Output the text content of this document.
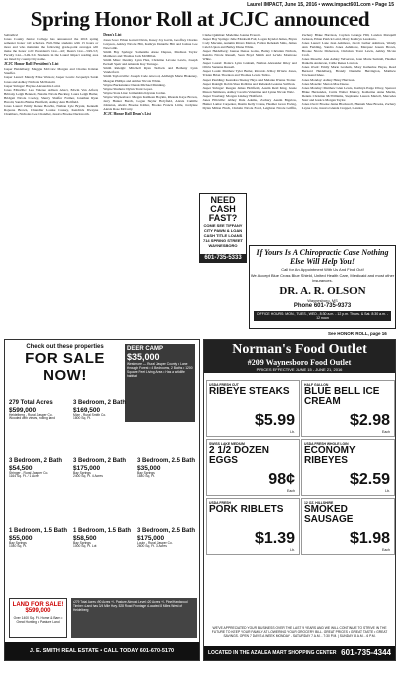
Laurel IMPACT, June 15, 2016 • www.impact601.com • Page 15
Spring Honor Roll at JCJC announced

Submitted

Jones County Junior College has announced the 2016 spring semester honor roll scholars. Full-Time students with 15 hours or more and who maintain the following grade-point averages will make the honor roll: President's List—4.0; Dean's List—3.99-3.5; Faculty List—3.49-3.0. Students in the Laurel Impact reading area are listed by county/city name.

JCJC Honor Roll President's List

Jasper Heidelberg: Maggie McCraw Morgan and Charles Kristan Stauffer.

Jasper Laurel: Mandy Elise Watson; Jasper Louin: Jacquelyn Sarah Jones and Ashley Nichole McDonald.

Jasper Stringer: Haylee Alexandria Laird.

Jones Ellisville: Lea Valeree Adlaon Abaci, Edwin Van Alford, Brittany Leigh Bennett, Natalie Nicole Buckley, Laura Leigh Butler, Bridgett Nicole Cooley, Sherry Shaffer Farmer, Jonathan Ryan Harold, Sandra Blaine Hartfield, Ashley Ann Holifield.

Jones Laurel: Emily Renae Bowlin, Nathan Lyle Bryant, Kenneth Rojeone Brown, Chandler Louise Causey, Kendrick Dwayne Chambers, Nicholas Lee Chandler, Jessica Brooke Duckworth.

Dean's List

Jones Soso: Ethan Garrett Davis, Kasey Joy Gavin, Geoffrey Charles Grayson, Ashley Nicole Hitt, Kathryn Danielle Hitt and Joshua Lee Newcomb.

Smith Bay Springs: Samantha Alese Dupree, Madison Taylor Matthews and Thomas Jack McMillan.

Smith Mize: Destiny Lynn Hux, Christina Lavone Lewis, Joseph Peckell Speir and Amanda Kay Turnage.

Smith Raleigh: Mitchell Ryan Tadlock and Bethany Lynn Vanderford.

Smith Taylorsville: Joseph Cade Atwood, Addleigh Marie Blakeney, Meagan Phillips and Amber Nicole White.

Wayne Buckatunna: Derek Michael Manning.

Wayne Shubuta: Dylan Trent Lopez.

Wayne State Line: Jermeishia Kiyante Jordan.

Wayne Waynesboro: Megan Kathleen Boykin, Rhonda Kaye Brown, Jerry Hunter Burch, Logan Skylar Holyfield, Alexis Camille Johnston, Alexis Brooke Kittler, Brooks Francis Little, Jordynne Alexis Rose McCarty.

JCJC Honor Roll Dean's List

Clarke Quitman: Madeline Joanna Everett.

Jasper Bay Springs: Julie Elizabeth Fail, Logan Kyndal James, Bryan Cody Macunn, Autumn Rivers Mattox, Fallon Rebekah Sims, James Caleb Upton and Bailey Diane White.

Jasper Heidelberg: Jaunae Denae Goins, Bailey Christian Nichols, Kendra Nicole Russell, Sean Boyd Smith and Le'ndo Montrose White.

Jasper Laurel: Donica Lynn Graham, Nathan Alexander Riley and Olivia Suzanne Russell.

Jasper Louin: Matthew Tyler Butler, Ricardo Ja'Roy Di'iario Jones, Tristan Brian Thornton and Thomas Lewis Tullos.

Jasper Paulding: Keandrea Shenay Hays and Melanie D'anne Trotter.

Jasper Raleigh: Robin Shea Robbins and Rebekah LeAnne Sullivan.

Jasper Stringer: Reagan James Holifield, Austin Reid King, Jessie Mason Simmons, Ashley Cecelia Valentine and Lynne Nicole Walz.

Jasper Vossburg: Morgan Lindsey Holifield.

Jones Ellisville: Abbey Dale Adams, Zachary Austin Bigalow, Hunter Lamar Carpenter, Dustin Kelly Crane, Heather Grace Ewing, Dylan Milton Finch, Christin Nicole Ford, Leighton Nicole Griffin, Zachary Blake Harrison, Cayden Grange Hill, Landon Maxquill Jackson, Ethan Patrick Laird, Mary Kathryn Laudonio.

Jones Laurel: Lane Jean Ashmore, Jacob Luther Ashmore, Wendy Ann Fielding, Sandra Jones Ashmore, Marquez Jesean Brown, Brooke Nicole Dickerson, Christian Trent Lewis, Ashley Nicole Craft.

Jones Moselle: Ann Ashley Yelverton, Jean Marie Sumrall, Heather Danielle Anderson, Callie Renee Lawton.

Jones Ovett: Emily Marie Graham, Mary Katherine Hayes, Reed Bernard Heidelberg, Brandy Danielle Herrington, Matthew Townsend Ishee.

Jones Monday: Ashley Haley Harrison.

Jones Moselle: Sharon Mae Deese.

Jones Monday: Matthew Glen Lewis, Kathryn Paige Ullrey, Spencer Blake Hernandez, Curtis Walter Muncy, Katharine Anne Martin, Dennis Christian McWilliams, Stephanie Lauren Martell, Mercedes Starr and Jessica Morgan Taylor.

Jones Ovett: Brooke Jenna Blackwell, Hannah Shae Brooks, Zachary Layne Cole, Jessica Glenda Creppel, Landon

NEED CASH FAST?
COME SEE TIFFANY
CITY PAWN & LOAN CASH TITLE LOANS
714 SPRING STREET WAYNESBORO
601-735-5333
If Yours Is A Chiropractic Case Nothing Else Will Help You!
Call for An Appointment With Us And Find Out!
We Accept Blue Cross Blue Shield, United Health Care, Medicaid and most other insurances.
DR. A. R. OLSON
Waynesboro, MS
Phone 601-735-9373
OFFICE HOURS: MON., TUES., WED., 8:30 a.m. - 12 p.m. Thurs. & Sat. 8:30 a.m. - 12 noon
See HONOR ROLL, page 16
Check out these properties
FOR SALE NOW!
DEER CAMP
$35,000
Westmore — Rural Jasper County • Lane through Forest • 4 Bedrooms, 2 Baths • 1200 Square Feet Living Area • Has a wildlife habitat
279 Total Acres
$599,000
Heidelberg - Rural Jasper Co.
Wooded with views, rolling land
3 Bedroom, 2 Bath
$169,500
Mize - Rural Smith Co.
1800 Sq. Ft.
3 Bedroom, 2 Bath
$54,500
Stringer - Rural Jasper Co.
1164 Sq. Ft. / 1 Acre
3 Bedroom, 2 Bath
$175,000
Bay Springs
2400 Sq. Ft. 4 Acres
3 Bedroom, 2.5 Bath
$35,000
Bay Springs
1840 Sq. Ft.
1 Bedroom, 1.5 Bath
$55,000
Bay Springs
1040 Sq. Ft.
1 Bedroom, 1.5 Bath
$58,500
Bay Springs
1000 Sq. Ft. Lot
3 Bedroom, 2.5 Bath
$175,000
Louin - Rural Jasper Co.
2600 Sq. Ft. 3 Acres
LAND FOR SALE! $599,000
Over 1400 Sq. Ft. Home & Barn • Great Hunting • Pasture Land
•279 Total Acres •90 Acres +/- Pasture Almost Level •20 Acres +/- Pine/Hardwood Timber •Land has 3/4 Mile Hwy. 528 Road Frontage •Located 8 Miles West of Heidelberg
J. E. SMITH REAL ESTATE • CALL TODAY 601-670-5170
Norman's Food Outlet
#209 Waynesboro Food Outlet
PRICES EFFECTIVE JUNE 15 - JUNE 21, 2016
USDA FRESH CUT
RIBEYE STEAKS
$5.99
Lb.
HALF GALLON
BLUE BELL ICE CREAM
$2.98
Each
SWISS LAKE MEDIUM
2 1/2 DOZEN EGGS
98¢
Each
USDA FRESH WHOLE LOIN
ECONOMY RIBEYES
$2.59
Lb.
USDA FRESH
PORK RIBLETS
$1.39
Lb.
12 OZ. HILLSHIRE
SMOKED SAUSAGE
$1.98
Each
WE'VE APPRECIATED YOUR BUSINESS OVER THE LAST 9 YEARS AND WE WILL CONTINUE TO STRIVE IN THE FUTURE TO KEEP YOUR FAMILY AT LOWERING YOUR GROCERY BILL. GREAT PRICES • GREAT TASTE • GREAT SAVINGS. OPEN 7 DAYS A WEEK MONDAY - SATURDAY 7 A.M. - 7:30 P.M. | SUNDAY 8 A.M. - 6 P.M.
601-735-4344
LOCATED IN THE AZALEA MART SHOPPING CENTER WAYNESBORO, MS
